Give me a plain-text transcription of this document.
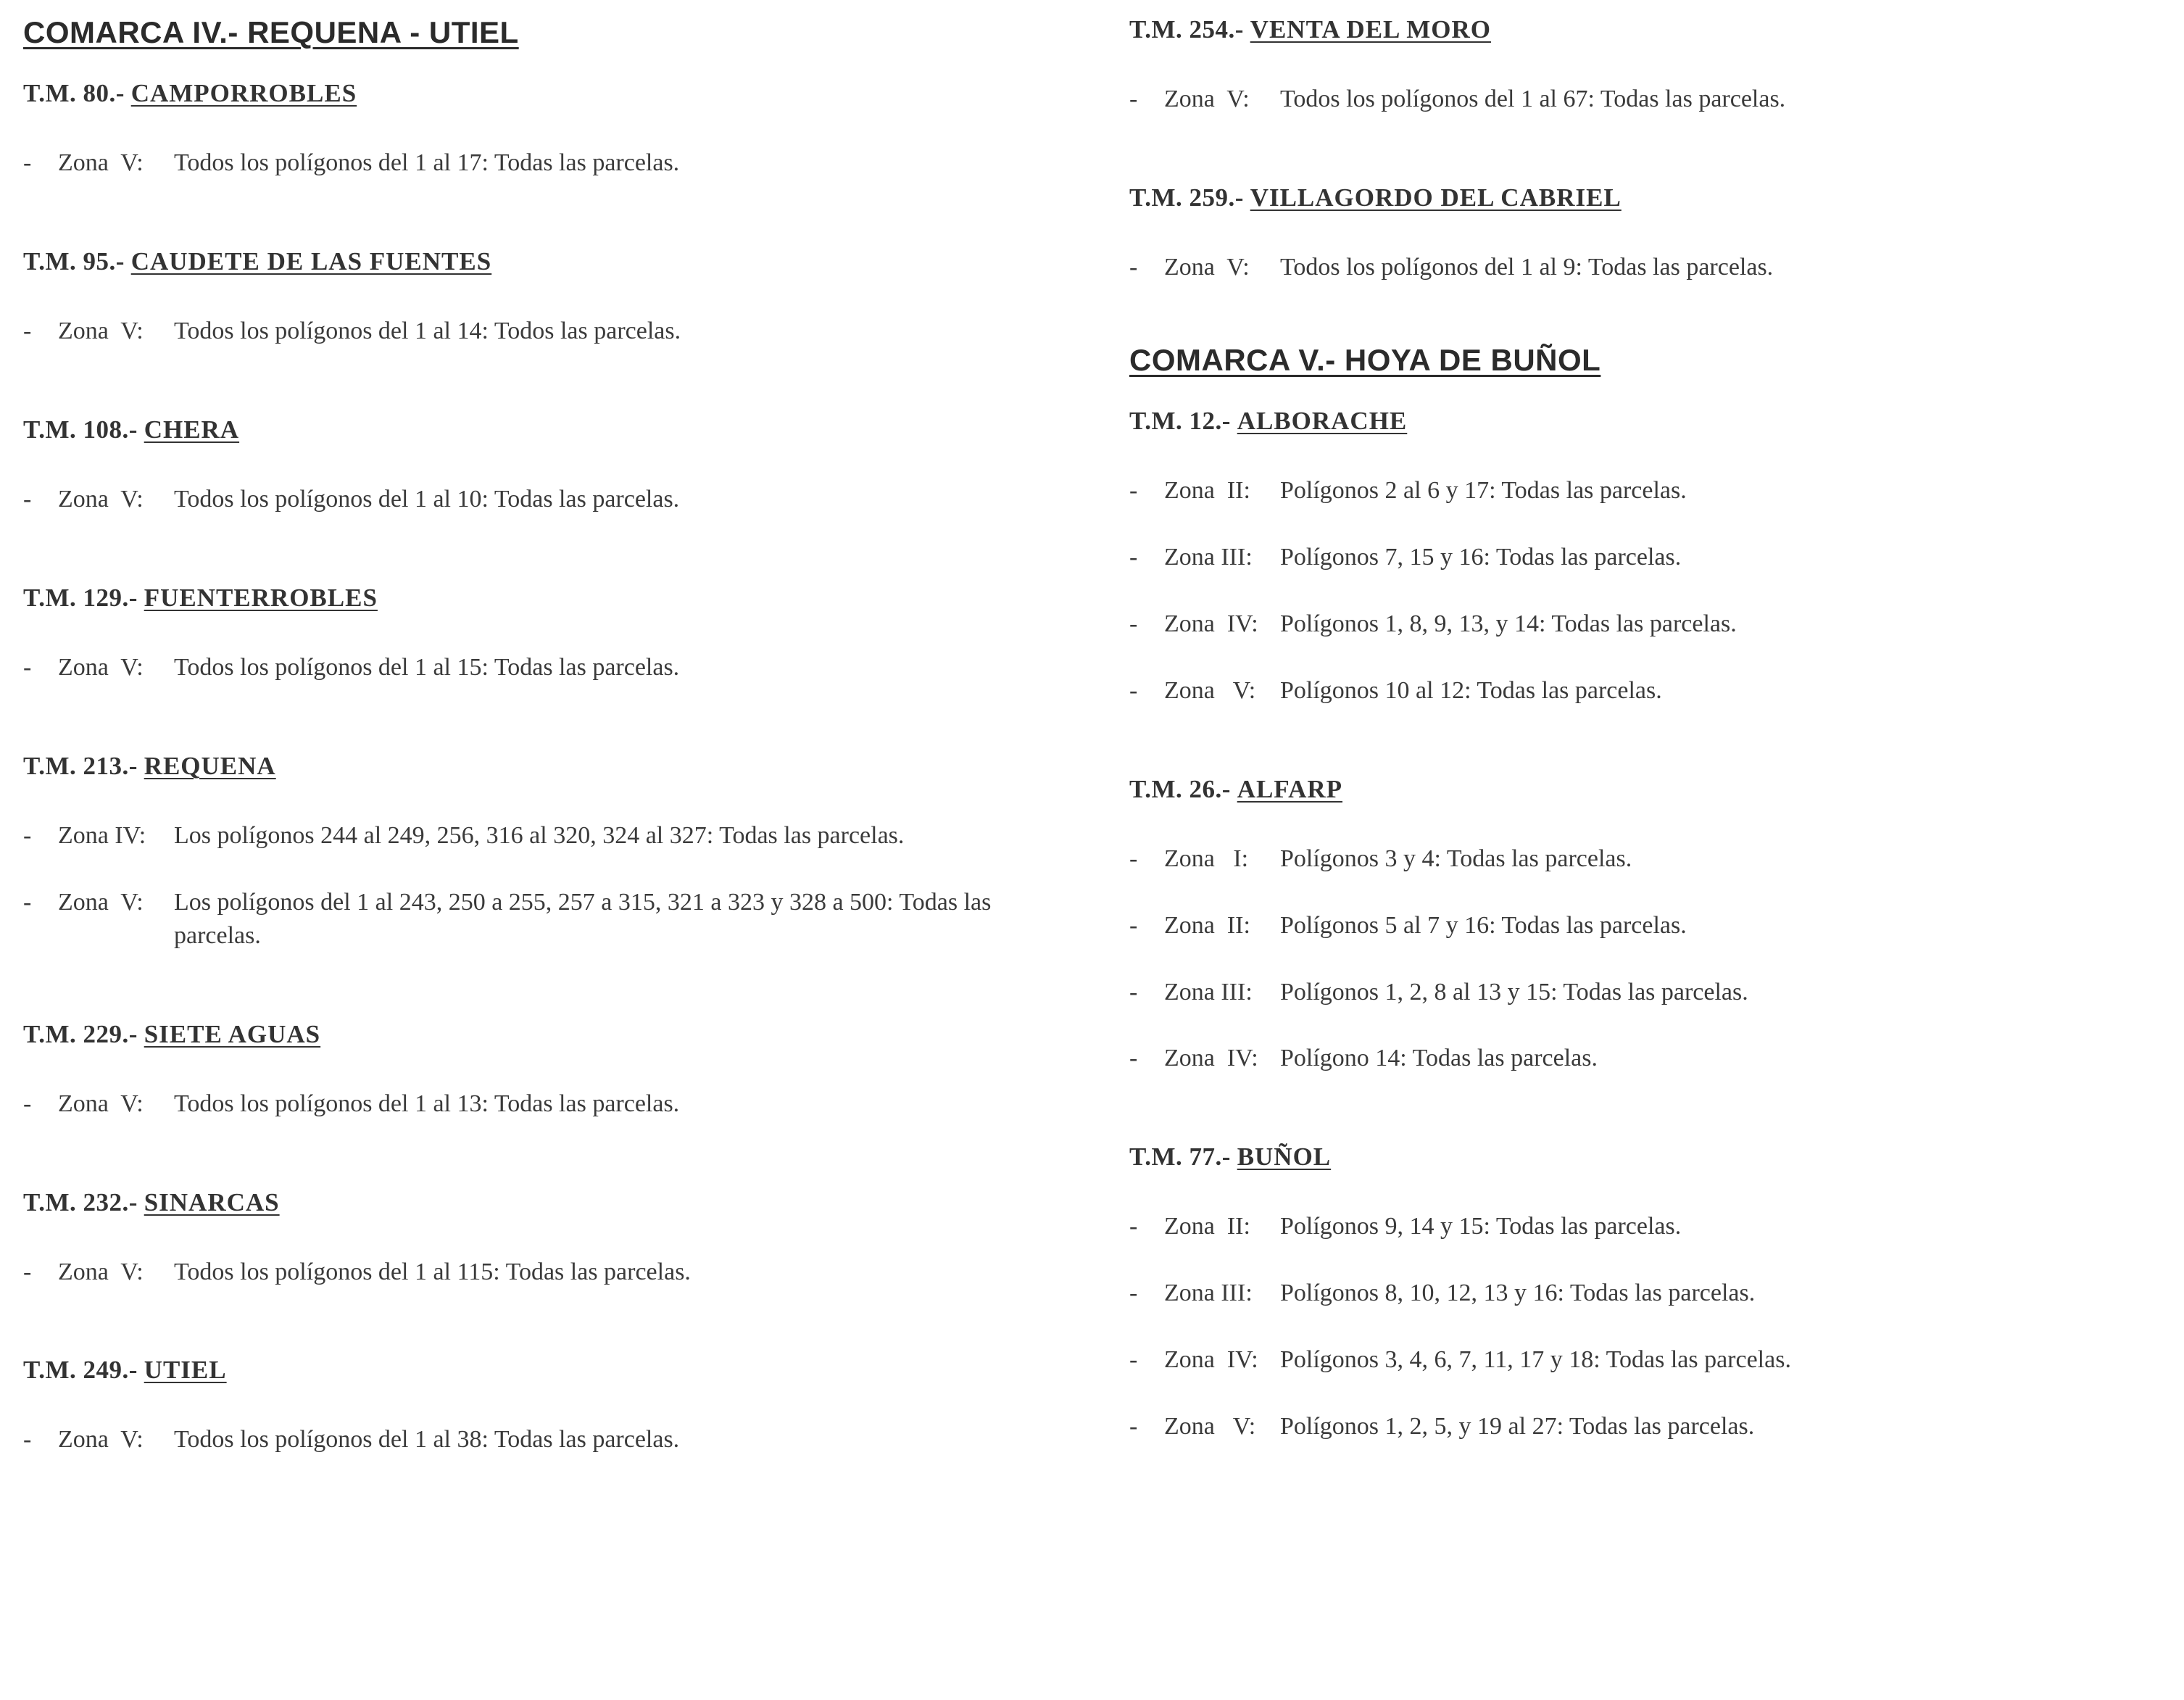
COMARCA IV.- REQUENA - UTIEL
T.M. 80.- CAMPORROBLES
-	Zona  V:	Todos los polígonos del 1 al 17: Todas las parcelas.
T.M. 95.- CAUDETE DE LAS FUENTES
-	Zona  V:	Todos los polígonos del 1 al 14: Todos las parcelas.
T.M. 108.- CHERA
-	Zona  V:	Todos los polígonos del 1 al 10: Todas las parcelas.
T.M. 129.- FUENTERROBLES
-	Zona  V:	Todos los polígonos del 1 al 15: Todas las parcelas.
T.M. 213.- REQUENA
-	Zona IV:	Los polígonos 244 al 249, 256, 316 al 320, 324 al 327: Todas las parcelas.
-	Zona  V:	Los polígonos del 1 al 243, 250 a 255, 257 a 315, 321 a 323 y 328 a 500: Todas las parcelas.
T.M. 229.- SIETE AGUAS
-	Zona  V:	Todos los polígonos del 1 al 13: Todas las parcelas.
T.M. 232.- SINARCAS
-	Zona  V:	Todos los polígonos del 1 al 115: Todas las parcelas.
T.M. 249.- UTIEL
-	Zona  V:	Todos los polígonos del 1 al 38: Todas las parcelas.
T.M. 254.- VENTA DEL MORO
-	Zona  V:	Todos los polígonos del 1 al 67: Todas las parcelas.
T.M. 259.- VILLAGORDO DEL CABRIEL
-	Zona  V:	Todos los polígonos del 1 al 9: Todas las parcelas.
COMARCA V.- HOYA DE BUÑOL
T.M. 12.- ALBORACHE
-	Zona  II:	Polígonos 2 al 6 y 17: Todas las parcelas.
-	Zona III:	Polígonos 7, 15 y 16: Todas las parcelas.
-	Zona  IV: Polígonos 1, 8, 9, 13, y 14: Todas las parcelas.
-	Zona   V: Polígonos 10 al 12: Todas las parcelas.
T.M. 26.- ALFARP
-	Zona   I:	Polígonos 3 y 4: Todas las parcelas.
-	Zona  II:	Polígonos 5 al 7 y 16: Todas las parcelas.
-	Zona III:	Polígonos 1, 2, 8 al 13 y 15: Todas las parcelas.
-	Zona  IV: Polígono 14: Todas las parcelas.
T.M. 77.- BUÑOL
-	Zona  II:	Polígonos 9, 14 y 15: Todas las parcelas.
-	Zona III:	Polígonos 8, 10, 12, 13 y 16: Todas las parcelas.
-	Zona  IV: Polígonos 3, 4, 6, 7, 11, 17 y 18: Todas las parcelas.
-	Zona   V: Polígonos 1, 2, 5, y 19 al 27: Todas las parcelas.
